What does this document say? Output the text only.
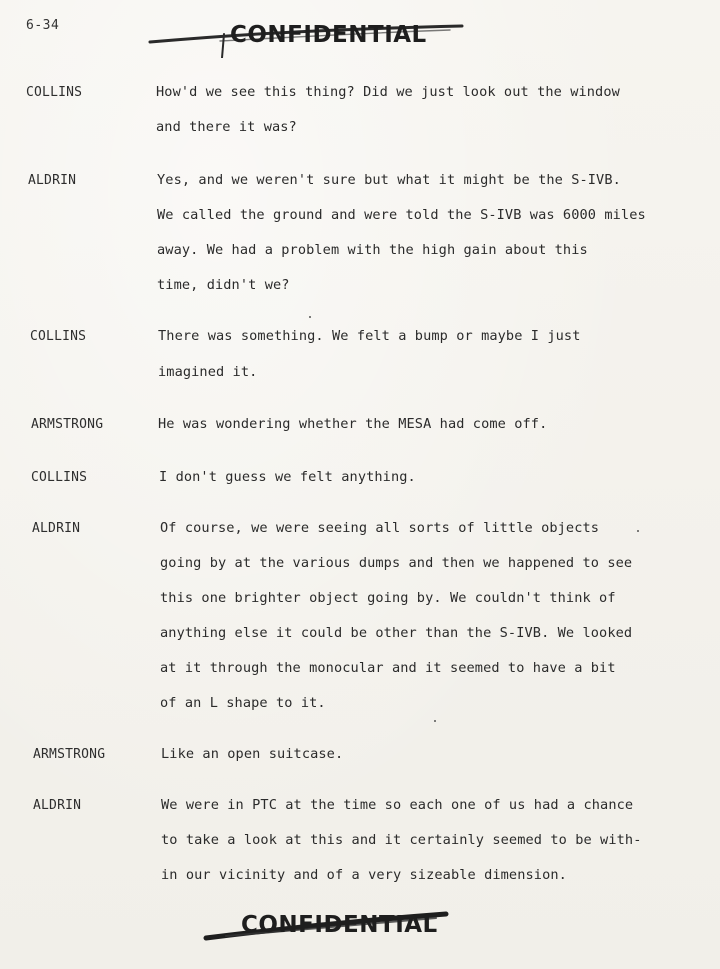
6-34	CONFIDENTIAL
COLLINS	How'd we see this thing? Did we just look out the window
and there it was?
ALDRIN	Yes, and we weren't sure but what it might be the S-IVB.
We called the ground and were told the S-IVB was 6000 miles
away. We had a problem with the high gain about this
time, didn't we?
COLLINS	There was something. We felt a bump or maybe I just
imagined it.
ARMSTRONG	He was wondering whether the MESA had come off.
COLLINS	I don't guess we felt anything.
ALDRIN	Of course, we were seeing all sorts of little objects
going by at the various dumps and then we happened to see
this one brighter object going by. We couldn't think of
anything else it could be other than the S-IVB. We looked
at it through the monocular and it seemed to have a bit
of an L shape to it.
ARMSTRONG	Like an open suitcase.
ALDRIN	We were in PTC at the time so each one of us had a chance
to take a look at this and it certainly seemed to be with-
in our vicinity and of a very sizeable dimension.
CONFIDENTIAL
